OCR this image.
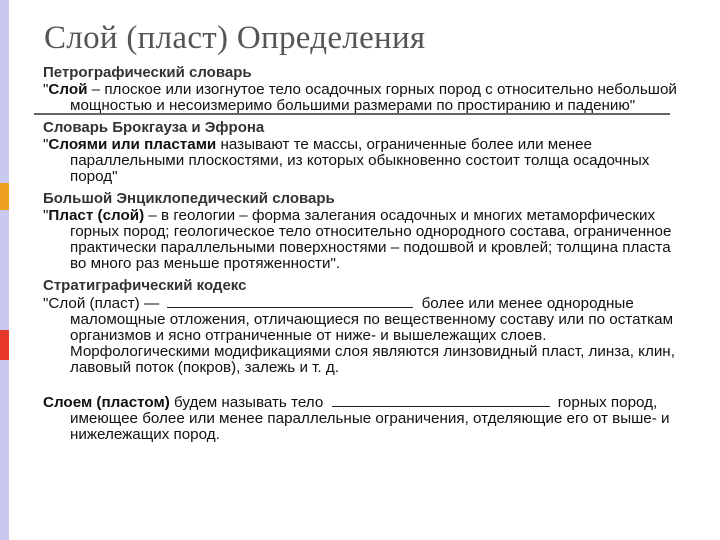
Слой (пласт) Определения
Петрографический словарь
"Слой – плоское или изогнутое тело осадочных горных пород с относительно небольшой мощностью и несоизмеримо большими размерами по простиранию и падению"
Словарь Брокгауза и Эфрона
"Слоями или пластами называют те массы, ограниченные более или менее параллельными плоскостями, из которых обыкновенно состоит толща осадочных пород"
Большой Энциклопедический словарь
"Пласт (слой) – в геологии – форма залегания осадочных и многих метаморфических горных пород; геологическое тело относительно однородного состава, ограниченное практически параллельными поверхностями – подошвой и кровлей; толщина пласта во много раз меньше протяженности".
Стратиграфический кодекс
"Слой (пласт) —	более или менее однородные маломощные отложения, отличающиеся по вещественному составу или по остаткам организмов и ясно отграниченные от ниже- и вышележащих слоев. Морфологическими модификациями слоя являются линзовидный пласт, линза, клин, лавовый поток (покров), залежь и т. д.
Слоем (пластом) будем называть тело	горных пород, имеющее более или менее параллельные ограничения, отделяющие его от выше- и нижележащих пород.
